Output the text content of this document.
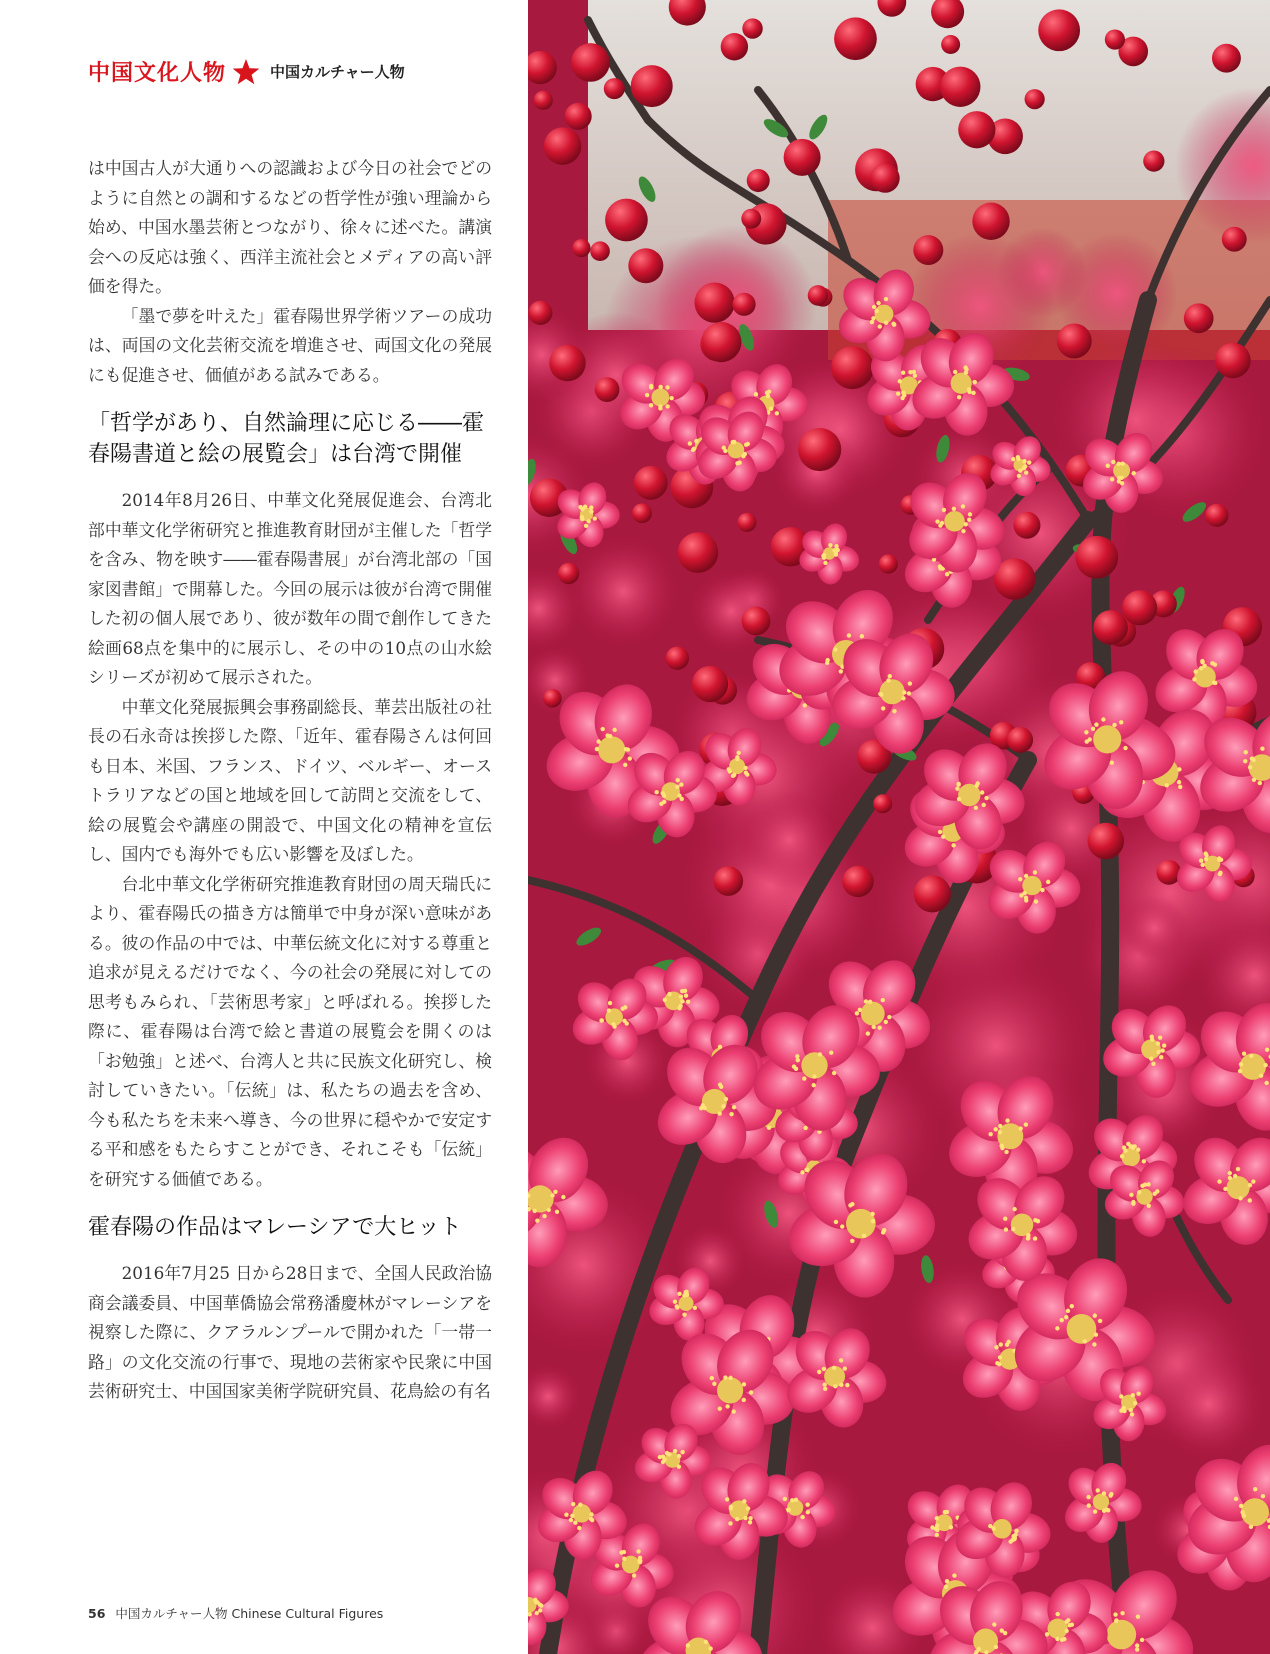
中国文化人物	中国カルチャー人物

は中国古人が大通りへの認識および今日の社会でどのように自然との調和するなどの哲学性が強い理論から始め、中国水墨芸術とつながり、徐々に述べた。講演会への反応は強く、西洋主流社会とメディアの高い評価を得た。

「墨で夢を叶えた」霍春陽世界学術ツアーの成功は、両国の文化芸術交流を増進させ、両国文化の発展にも促進させ、価値がある試みである。

「哲学があり、自然論理に応じる――霍春陽書道と絵の展覧会」は台湾で開催

2014年8月26日、中華文化発展促進会、台湾北部中華文化学術研究と推進教育財団が主催した「哲学を含み、物を映す――霍春陽書展」が台湾北部の「国家図書館」で開幕した。今回の展示は彼が台湾で開催した初の個人展であり、彼が数年の間で創作してきた絵画68点を集中的に展示し、その中の10点の山水絵シリーズが初めて展示された。

中華文化発展振興会事務副総長、華芸出版社の社長の石永奇は挨拶した際、「近年、霍春陽さんは何回も日本、米国、フランス、ドイツ、ベルギー、オーストラリアなどの国と地域を回して訪問と交流をして、絵の展覧会や講座の開設で、中国文化の精神を宣伝し、国内でも海外でも広い影響を及ぼした。

台北中華文化学術研究推進教育財団の周天瑞氏により、霍春陽氏の描き方は簡単で中身が深い意味がある。彼の作品の中では、中華伝統文化に対する尊重と追求が見えるだけでなく、今の社会の発展に対しての思考もみられ、「芸術思考家」と呼ばれる。挨拶した際に、霍春陽は台湾で絵と書道の展覧会を開くのは「お勉強」と述べ、台湾人と共に民族文化研究し、検討していきたい。「伝統」は、私たちの過去を含め、今も私たちを未来へ導き、今の世界に穏やかで安定する平和感をもたらすことができ、それこそも「伝統」を研究する価値である。

霍春陽の作品はマレーシアで大ヒット

2016年7月25 日から28日まで、全国人民政治協商会議委員、中国華僑協会常務潘慶林がマレーシアを視察した際に、クアラルンプールで開かれた「一帯一路」の文化交流の行事で、現地の芸術家や民衆に中国芸術研究士、中国国家美術学院研究員、花鳥絵の有名

56 中国カルチャー人物 Chinese Cultural Figures
